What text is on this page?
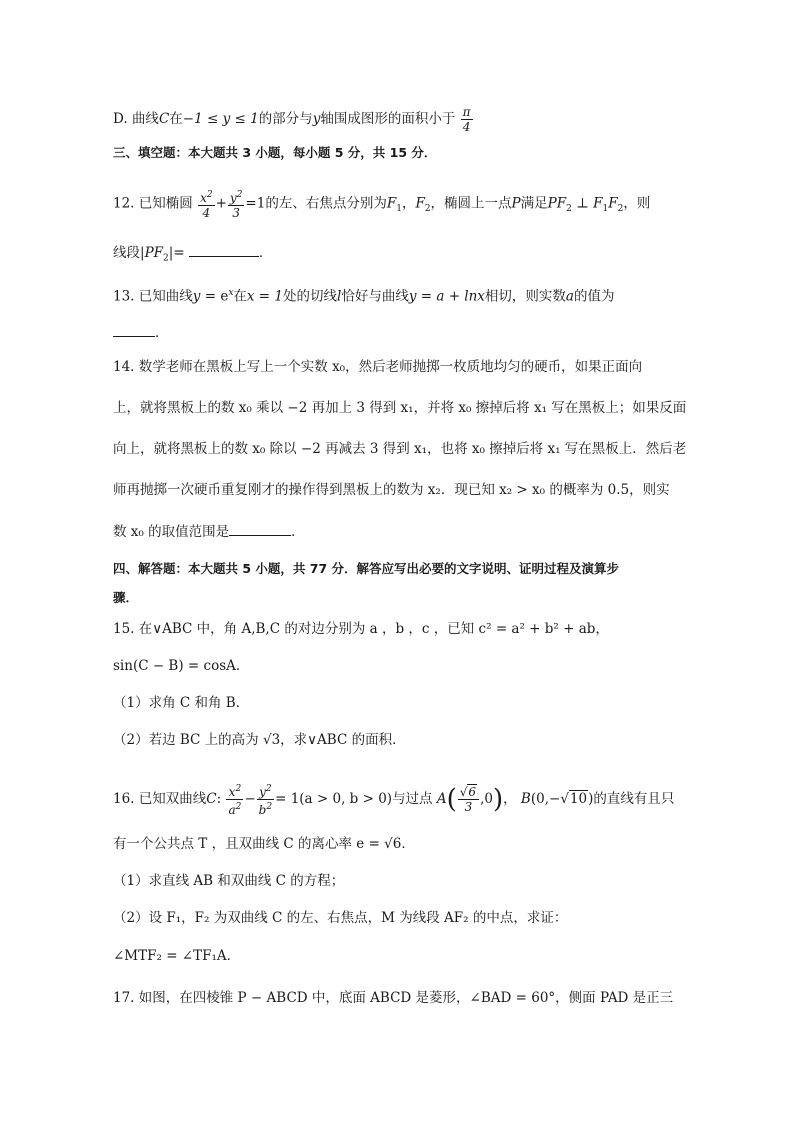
D. 曲线C在−1 ≤ y ≤ 1的部分与y轴围成图形的面积小于 $\frac{\pi}{4}$
三、填空题：本大题共 3 小题，每小题 5 分，共 15 分．
12. 已知椭圆 $\frac{x^2}{4} + \frac{y^2}{3} =1$的左、右焦点分别为$F_1$，$F_2$，椭圆上一点P满足$PF_2$ ⊥ $F_1F_2$，则
线段$|PF_2|=$	．
13. 已知曲线$y = e^x$在x = 1处的切线l恰好与曲线y = a + lnx相切，则实数a的值为
．
14. 数学老师在黑板上写上一个实数 x₀，然后老师抛掷一枚质地均匀的硬币，如果正面向
上，就将黑板上的数 x₀ 乘以 −2 再加上 3 得到 x₁，并将 x₀ 擦掉后将 x₁ 写在黑板上；如果反面
向上，就将黑板上的数 x₀ 除以 −2 再减去 3 得到 x₁，也将 x₀ 擦掉后将 x₁ 写在黑板上．然后老
师再抛掷一次硬币重复刚才的操作得到黑板上的数为 x₂．现已知 x₂ > x₀ 的概率为 0.5，则实
数 x₀ 的取值范围是	．
四、解答题：本大题共 5 小题，共 77 分．解答应写出必要的文字说明、证明过程及演算步
骤．
15. 在∨ABC 中，角 A,B,C 的对边分别为 a ，b ，c ，已知 c² = a² + b² + ab，
sin(C − B) = cosA．
（1）求角 C 和角 B．
（2）若边 BC 上的高为 √3，求∨ABC 的面积．
16. 已知双曲线C: $\frac{x^2}{a^2} - \frac{y^2}{b^2} = 1(a > 0$, b > 0)与过点 $A( \frac{√6}{3} ,0)$， B(0,−√10)的直线有且只
有一个公共点 T ，且双曲线 C 的离心率 e = √6．
（1）求直线 AB 和双曲线 C 的方程；
（2）设 F₁，F₂ 为双曲线 C 的左、右焦点，M 为线段 AF₂ 的中点，求证：
∠MTF₂ = ∠TF₁A．
17. 如图，在四棱锥 P − ABCD 中，底面 ABCD 是菱形，∠BAD = 60°，侧面 PAD 是正三
